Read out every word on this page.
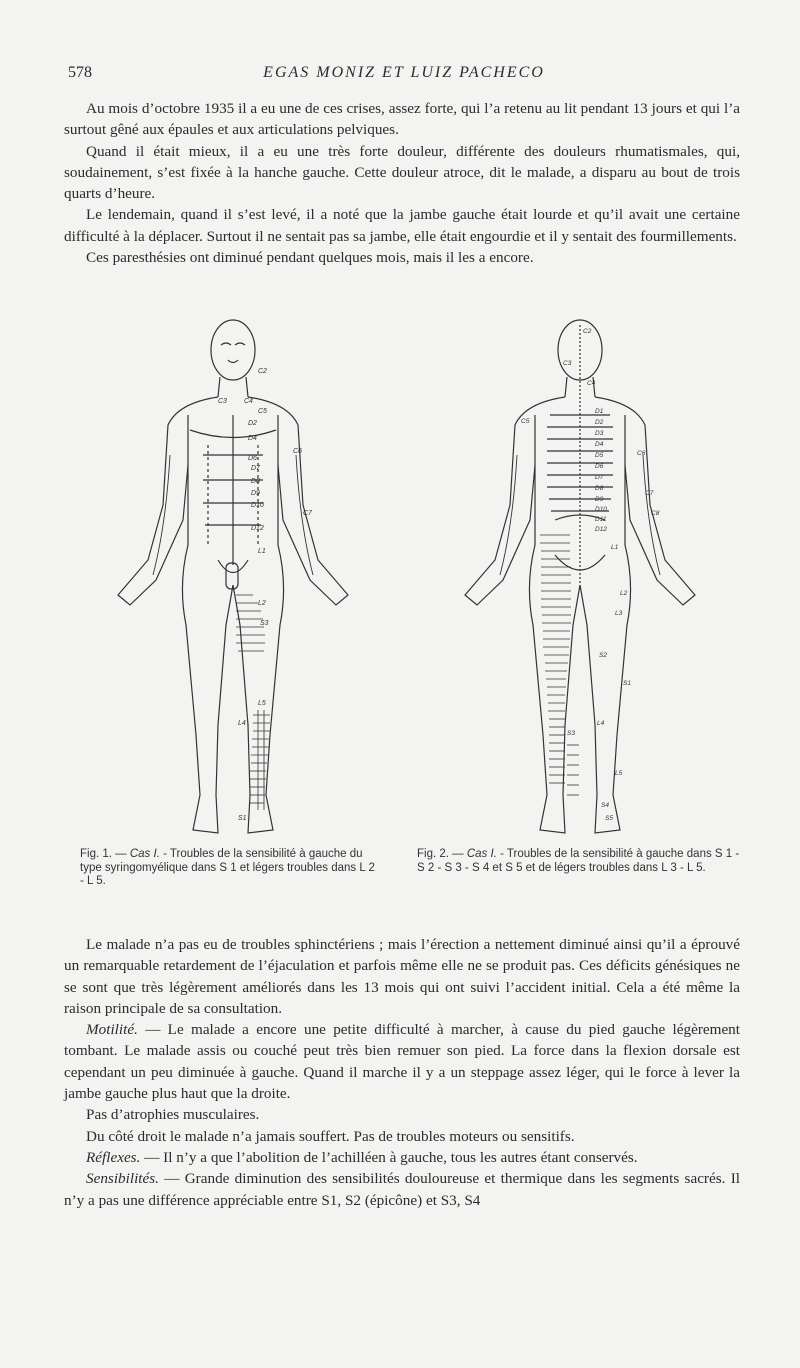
578	EGAS MONIZ ET LUIZ PACHECO

Au mois d’octobre 1935 il a eu une de ces crises, assez forte, qui l’a retenu au lit pendant 13 jours et qui l’a surtout gêné aux épaules et aux articulations pelviques.

Quand il était mieux, il a eu une très forte douleur, différente des douleurs rhumatismales, qui, soudainement, s’est fixée à la hanche gauche. Cette douleur atroce, dit le malade, a disparu au bout de trois quarts d’heure.

Le lendemain, quand il s’est levé, il a noté que la jambe gauche était lourde et qu’il avait une certaine difficulté à la déplacer. Surtout il ne sentait pas sa jambe, elle était engourdie et il y sentait des fourmillements.

Ces paresthésies ont diminué pendant quelques mois, mais il les a encore.

C2
C3 C4
C5
C6
C7
D2
D4
D6
D7
D8
D9
D10
D12
L1
L2
L4
L5
S1
S3
C2
C3
C4
C5
C6
C7
C8
D1
D2
D3
D4
D5
D6
D7
D8
D9
D10
D11
D12
L1
L2
L3
L4
L5
S1
S2
S3
S4
S5
Fig. 1. — Cas I. - Troubles de la sensibilité à gauche du type syringomyélique dans S 1 et légers troubles dans L 2 - L 5.
Fig. 2. — Cas I. - Troubles de la sensibilité à gauche dans S 1 - S 2 - S 3 - S 4 et S 5 et de légers troubles dans L 3 - L 5.

Le malade n’a pas eu de troubles sphinctériens ; mais l’érection a nettement diminué ainsi qu’il a éprouvé un remarquable retardement de l’éjaculation et parfois même elle ne se produit pas. Ces déficits génésiques ne se sont que très légèrement améliorés dans les 13 mois qui ont suivi l’accident initial. Cela a été même la raison principale de sa consultation.

Motilité. — Le malade a encore une petite difficulté à marcher, à cause du pied gauche légèrement tombant. Le malade assis ou couché peut très bien remuer son pied. La force dans la flexion dorsale est cependant un peu diminuée à gauche. Quand il marche il y a un steppage assez léger, qui le force à lever la jambe gauche plus haut que la droite.

Pas d’atrophies musculaires.

Du côté droit le malade n’a jamais souffert. Pas de troubles moteurs ou sensitifs.

Réflexes. — Il n’y a que l’abolition de l’achilléen à gauche, tous les autres étant conservés.

Sensibilités. — Grande diminution des sensibilités douloureuse et thermique dans les segments sacrés. Il n’y a pas une différence appréciable entre S1, S2 (épicône) et S3, S4
